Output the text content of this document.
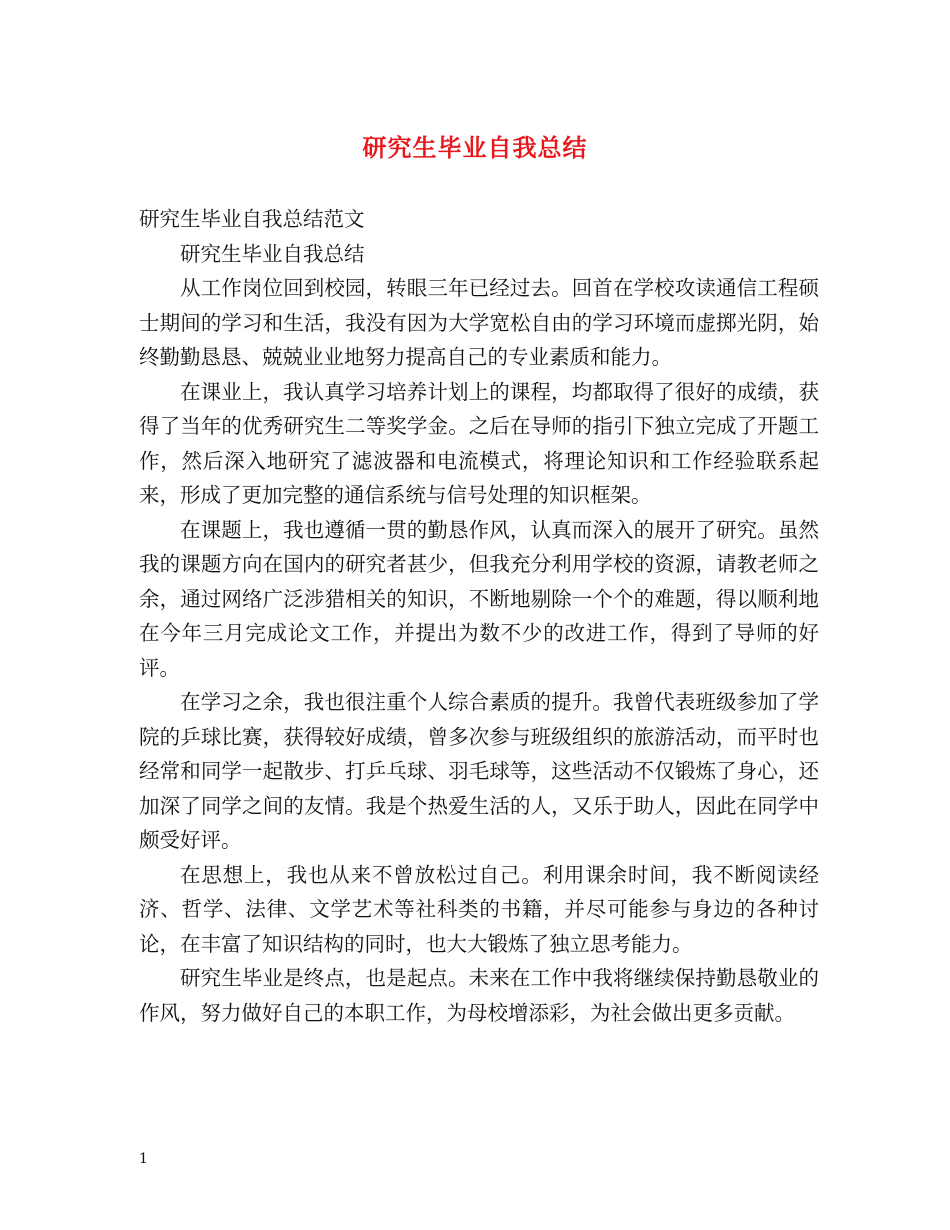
研究生毕业自我总结

研究生毕业自我总结范文

研究生毕业自我总结

从工作岗位回到校园，转眼三年已经过去。回首在学校攻读通信工程硕士期间的学习和生活，我没有因为大学宽松自由的学习环境而虚掷光阴，始终勤勤恳恳、兢兢业业地努力提高自己的专业素质和能力。

在课业上，我认真学习培养计划上的课程，均都取得了很好的成绩，获得了当年的优秀研究生二等奖学金。之后在导师的指引下独立完成了开题工作，然后深入地研究了滤波器和电流模式，将理论知识和工作经验联系起来，形成了更加完整的通信系统与信号处理的知识框架。

在课题上，我也遵循一贯的勤恳作风，认真而深入的展开了研究。虽然我的课题方向在国内的研究者甚少，但我充分利用学校的资源，请教老师之余，通过网络广泛涉猎相关的知识，不断地剔除一个个的难题，得以顺利地在今年三月完成论文工作，并提出为数不少的改进工作，得到了导师的好评。

在学习之余，我也很注重个人综合素质的提升。我曾代表班级参加了学院的乒球比赛，获得较好成绩，曾多次参与班级组织的旅游活动，而平时也经常和同学一起散步、打乒乓球、羽毛球等，这些活动不仅锻炼了身心，还加深了同学之间的友情。我是个热爱生活的人，又乐于助人，因此在同学中颇受好评。

在思想上，我也从来不曾放松过自己。利用课余时间，我不断阅读经济、哲学、法律、文学艺术等社科类的书籍，并尽可能参与身边的各种讨论，在丰富了知识结构的同时，也大大锻炼了独立思考能力。

研究生毕业是终点，也是起点。未来在工作中我将继续保持勤恳敬业的作风，努力做好自己的本职工作，为母校增添彩，为社会做出更多贡献。

1
